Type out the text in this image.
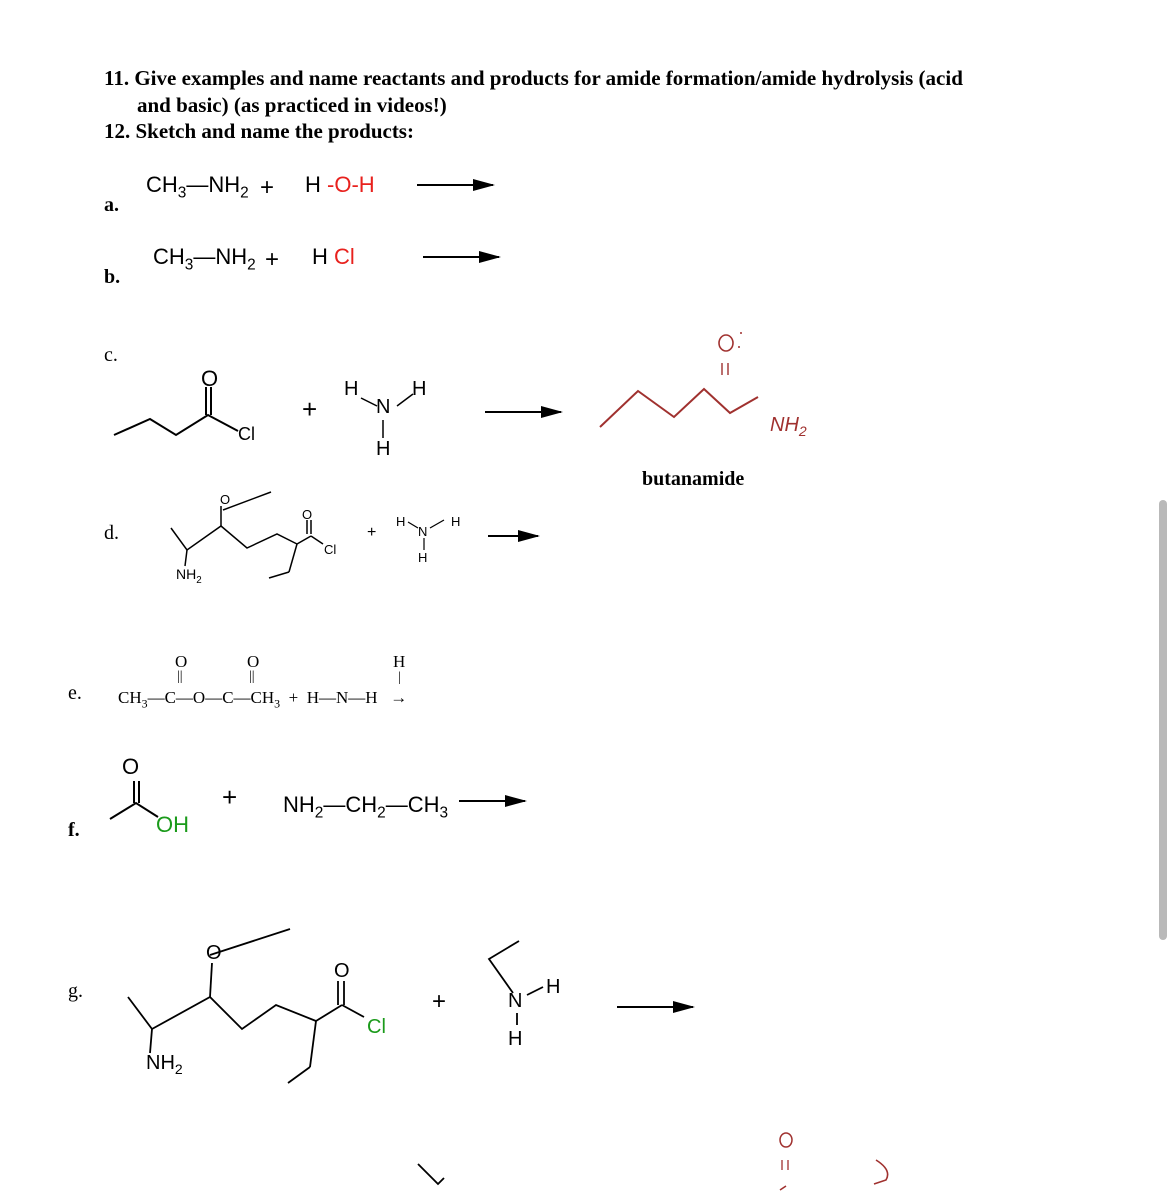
11. Give examples and name reactants and products for amide formation/amide hydrolysis (acid
and basic) (as practiced in videos!)
12. Sketch and name the products:
a.
b.
c.
d.
e.
f.
g.
$CH_3—NH_2 + H$ -O-H
$CH_3—NH_2 + H$ Cl
O
Cl
+
H	H
N
H
$NH_2$
butanamide
O
O
Cl
$NH_2$
+
H	H
N
H
O	O	H
||	||	|
$CH_3—C—O—C—CH_3$  +  H—N—H   →
O
OH
+ $NH_2—CH_2—CH_3$
O
O
Cl
$NH_2$
+	N
H
H
